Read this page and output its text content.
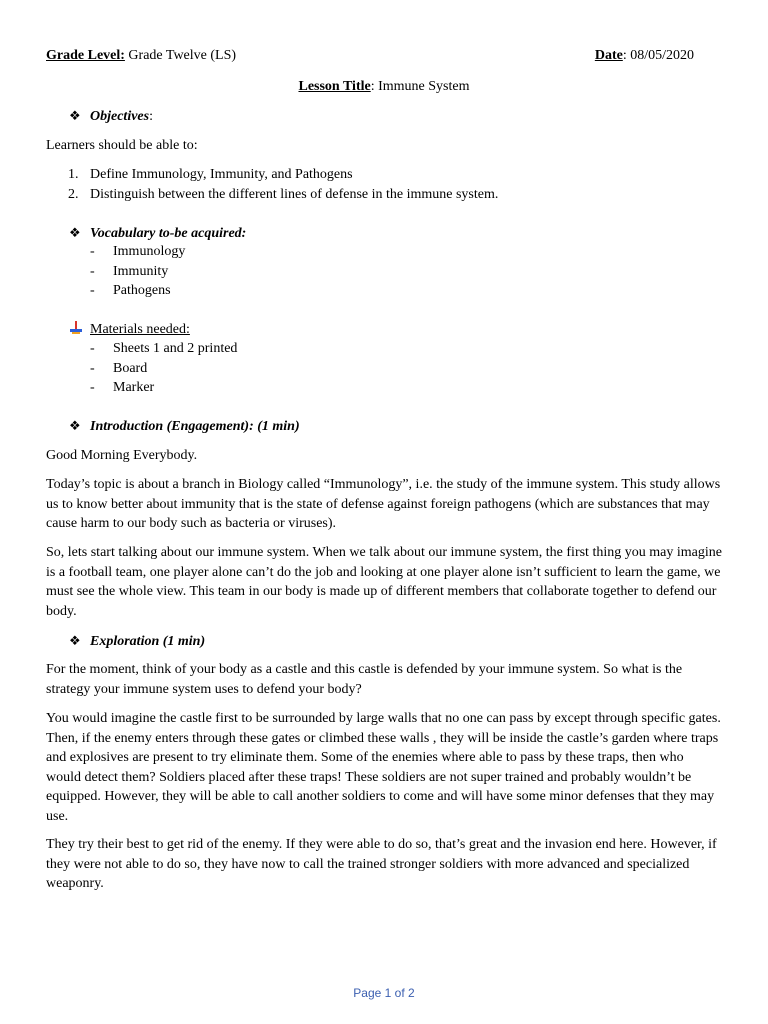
Grade Level: Grade Twelve (LS)	Date: 08/05/2020
Lesson Title: Immune System
❖ Objectives:
Learners should be able to:
1. Define Immunology, Immunity, and Pathogens
2. Distinguish between the different lines of defense in the immune system.
❖ Vocabulary to-be acquired:
- Immunology
- Immunity
- Pathogens
Materials needed:
- Sheets 1 and 2 printed
- Board
- Marker
❖ Introduction (Engagement): (1 min)

Good Morning Everybody.

Today’s topic is about a branch in Biology called “Immunology”, i.e. the study of the immune system. This study allows us to know better about immunity that is the state of defense against foreign pathogens (which are substances that may cause harm to our body such as bacteria or viruses).

So, lets start talking about our immune system. When we talk about our immune system, the first thing you may imagine is a football team, one player alone can’t do the job and looking at one player alone isn’t sufficient to learn the game, we must see the whole view. This team in our body is made up of different members that collaborate together to defend our body.

❖ Exploration (1 min)

For the moment, think of your body as a castle and this castle is defended by your immune system. So what is the strategy your immune system uses to defend your body?

You would imagine the castle first to be surrounded by large walls that no one can pass by except through specific gates. Then, if the enemy enters through these gates or climbed these walls , they will be inside the castle’s garden where traps and explosives are present to try eliminate them. Some of the enemies where able to pass by these traps, then who would detect them? Soldiers placed after these traps! These soldiers are not super trained and probably wouldn’t be equipped. However, they will be able to call another soldiers to come and will have some minor defenses that they may use.

They try their best to get rid of the enemy. If they were able to do so, that’s great and the invasion end here. However, if they were not able to do so, they have now to call the trained stronger soldiers with more advanced and specialized weaponry.

Page 1 of 2
